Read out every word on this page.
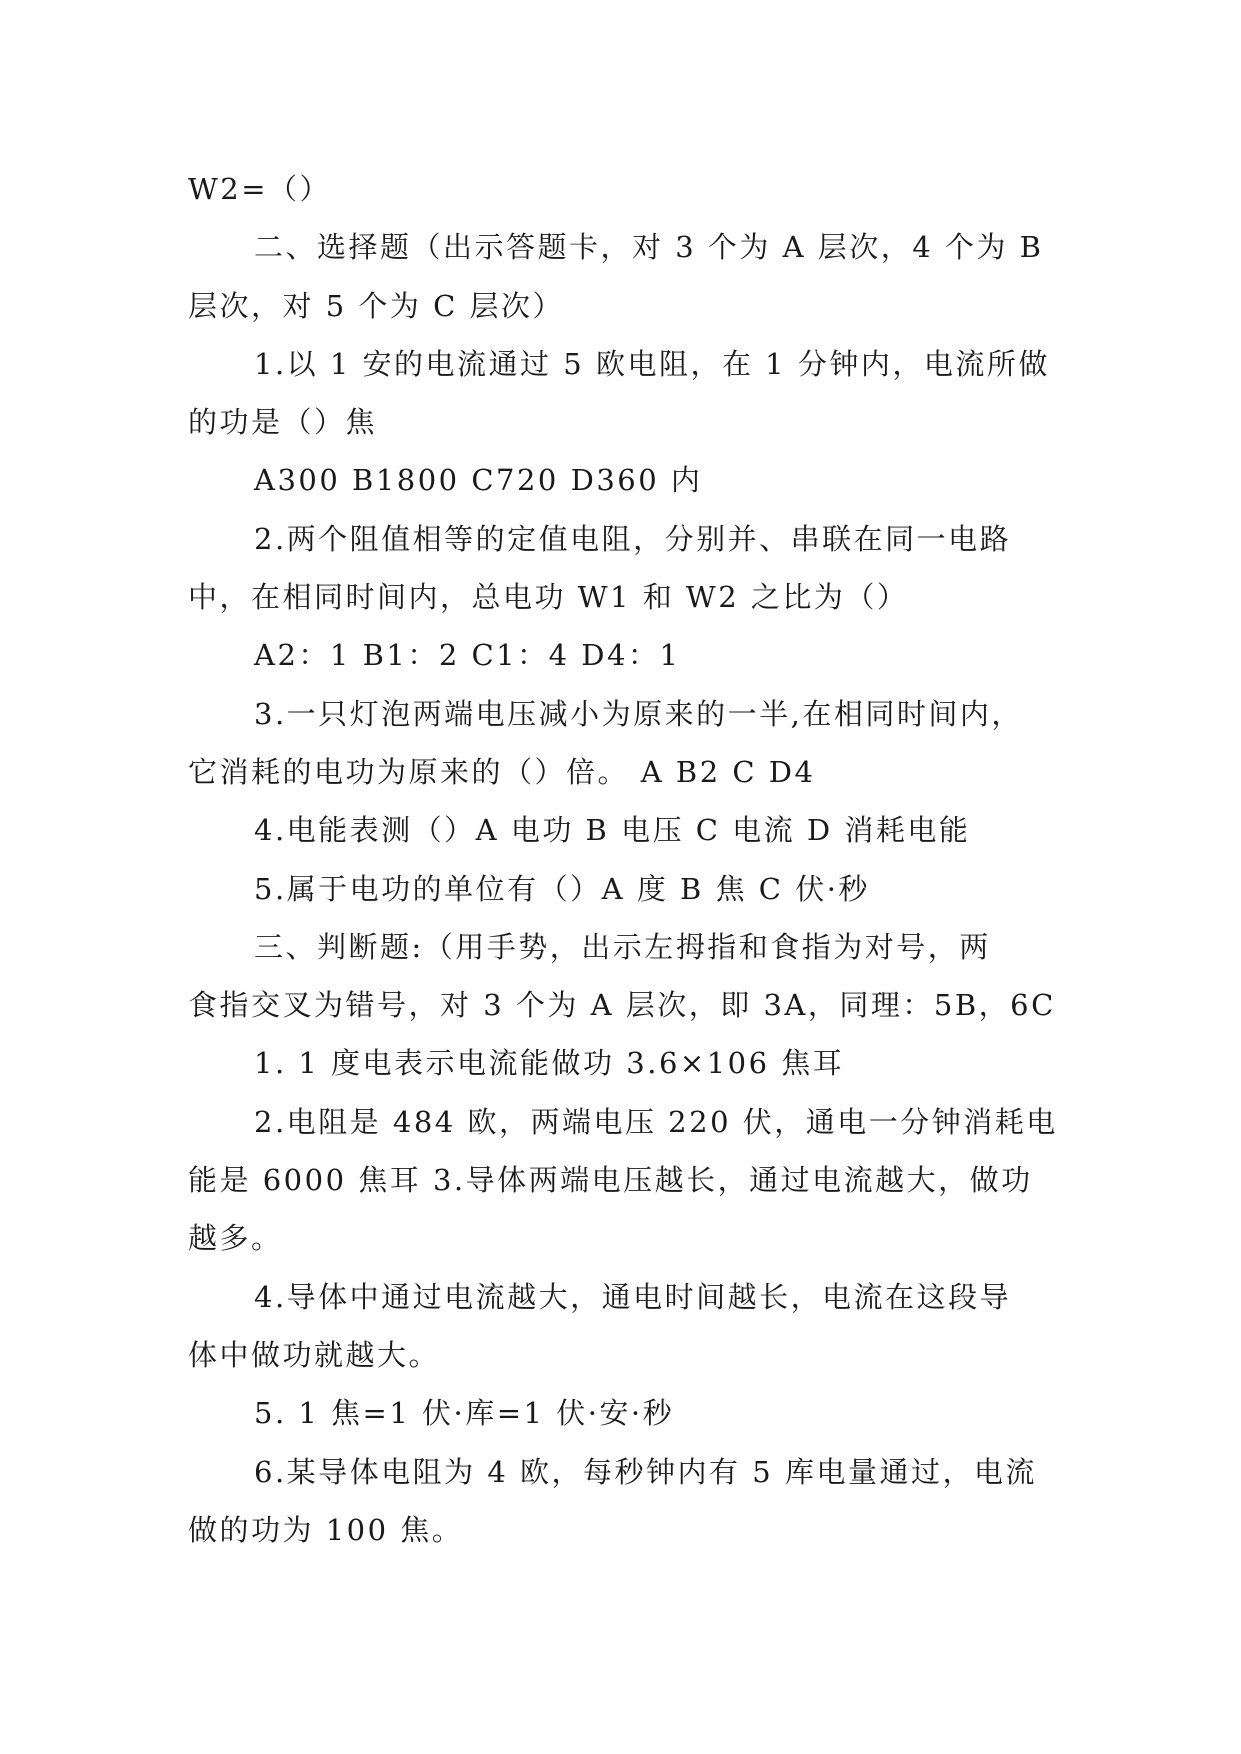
W2=（）
二、选择题（出示答题卡，对 3 个为 A 层次，4 个为 B
层次，对 5 个为 C 层次）
1.以 1 安的电流通过 5 欧电阻，在 1 分钟内，电流所做
的功是（）焦
A300 B1800 C720 D360 内
2.两个阻值相等的定值电阻，分别并、串联在同一电路
中，在相同时间内，总电功 W1 和 W2 之比为（）
A2：1 B1：2 C1：4 D4：1
3.一只灯泡两端电压减小为原来的一半,在相同时间内，
它消耗的电功为原来的（）倍。 A B2 C D4
4.电能表测（）A 电功 B 电压 C 电流 D 消耗电能
5.属于电功的单位有（）A 度 B 焦 C 伏·秒
三、判断题:（用手势，出示左拇指和食指为对号，两
食指交叉为错号，对 3 个为 A 层次，即 3A，同理：5B，6C
1. 1 度电表示电流能做功 3.6×106 焦耳
2.电阻是 484 欧，两端电压 220 伏，通电一分钟消耗电
能是 6000 焦耳 3.导体两端电压越长，通过电流越大，做功
越多。
4.导体中通过电流越大，通电时间越长，电流在这段导
体中做功就越大。
5. 1 焦=1 伏·库=1 伏·安·秒
6.某导体电阻为 4 欧，每秒钟内有 5 库电量通过，电流
做的功为 100 焦。
